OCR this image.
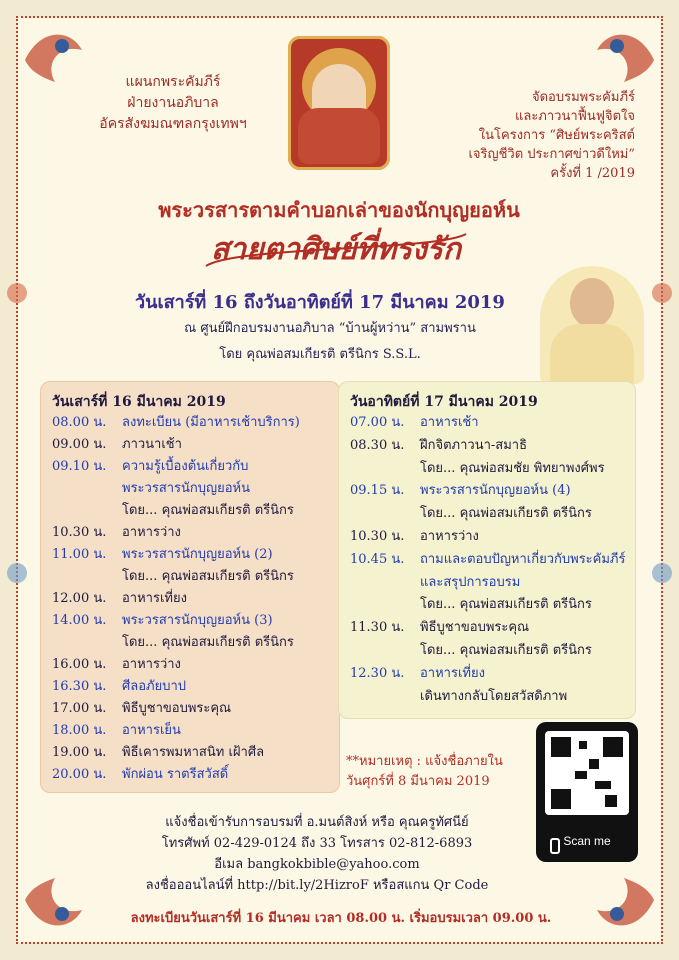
แผนกพระคัมภีร์
ฝ่ายงานอภิบาล
อัครสังฆมณฑลกรุงเทพฯ
จัดอบรมพระคัมภีร์
และภาวนาฟื้นฟูจิตใจ
ในโครงการ “ศิษย์พระคริสต์
เจริญชีวิต ประกาศข่าวดีใหม่”
ครั้งที่ 1 /2019
พระวรสารตามคำบอกเล่าของนักบุญยอห์น
สายตาศิษย์ที่ทรงรัก
วันเสาร์ที่ 16 ถึงวันอาทิตย์ที่ 17 มีนาคม 2019
ณ ศูนย์ฝึกอบรมงานอภิบาล “บ้านผู้หว่าน” สามพราน
โดย คุณพ่อสมเกียรติ ตรีนิกร S.S.L.
วันเสาร์ที่ 16 มีนาคม 2019
08.00 น. ลงทะเบียน (มีอาหารเช้าบริการ)
09.00 น. ภาวนาเช้า
09.10 น. ความรู้เบื้องต้นเกี่ยวกับ
พระวรสารนักบุญยอห์น
โดย... คุณพ่อสมเกียรติ ตรีนิกร
10.30 น. อาหารว่าง
11.00 น. พระวรสารนักบุญยอห์น (2)
โดย... คุณพ่อสมเกียรติ ตรีนิกร
12.00 น. อาหารเที่ยง
14.00 น. พระวรสารนักบุญยอห์น (3)
โดย... คุณพ่อสมเกียรติ ตรีนิกร
16.00 น. อาหารว่าง
16.30 น. ศีลอภัยบาป
17.00 น. พิธีบูชาขอบพระคุณ
18.00 น. อาหารเย็น
19.00 น. พิธีเคารพมหาสนิท เฝ้าศีล
20.00 น. พักผ่อน ราตรีสวัสดิ์
วันอาทิตย์ที่ 17 มีนาคม 2019
07.00 น. อาหารเช้า
08.30 น. ฝึกจิตภาวนา-สมาธิ
โดย... คุณพ่อสมชัย พิทยาพงศ์พร
09.15 น. พระวรสารนักบุญยอห์น (4)
โดย... คุณพ่อสมเกียรติ ตรีนิกร
10.30 น. อาหารว่าง
10.45 น. ถามและตอบปัญหาเกี่ยวกับพระคัมภีร์
และสรุปการอบรม
โดย... คุณพ่อสมเกียรติ ตรีนิกร
11.30 น. พิธีบูชาขอบพระคุณ
โดย... คุณพ่อสมเกียรติ ตรีนิกร
12.30 น. อาหารเที่ยง
เดินทางกลับโดยสวัสดิภาพ
**หมายเหตุ : แจ้งชื่อภายใน
วันศุกร์ที่ 8 มีนาคม 2019
Scan me
แจ้งชื่อเข้ารับการอบรมที่ อ.มนต์สิงห์ หรือ คุณครูทัศนีย์
โทรศัพท์ 02-429-0124 ถึง 33 โทรสาร 02-812-6893
อีเมล bangkokbible@yahoo.com
ลงชื่อออนไลน์ที่ http://bit.ly/2HizroF หรือสแกน Qr Code
ลงทะเบียนวันเสาร์ที่ 16 มีนาคม เวลา 08.00 น. เริ่มอบรมเวลา 09.00 น.
